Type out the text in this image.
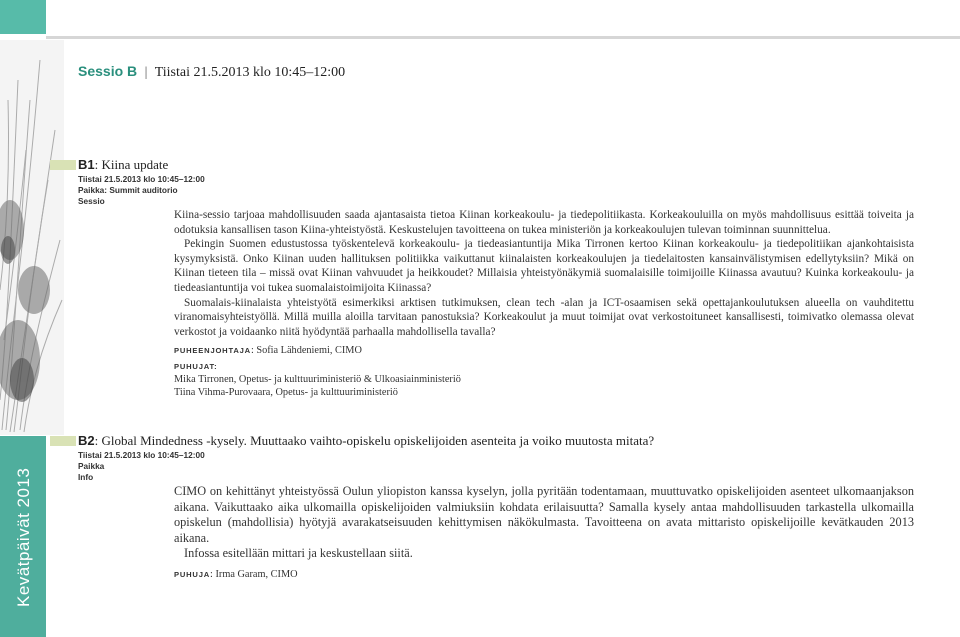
Kevätpäivät 2013
Sessio B | Tiistai 21.5.2013 klo 10:45–12:00
B1: Kiina update
Tiistai 21.5.2013 klo 10:45–12:00
Paikka: Summit auditorio
Sessio

Kiina-sessio tarjoaa mahdollisuuden saada ajantasaista tietoa Kiinan korkeakoulu- ja tiedepolitiikasta. Korkeakouluilla on myös mahdollisuus esittää toiveita ja odotuksia kansallisen tason Kiina-yhteistyöstä. Keskustelujen tavoitteena on tukea ministeriön ja korkeakoulujen tulevan toiminnan suunnittelua.

Pekingin Suomen edustustossa työskentelevä korkeakoulu- ja tiedeasiantuntija Mika Tirronen kertoo Kiinan korkeakoulu- ja tiedepolitiikan ajankohtaisista kysymyksistä. Onko Kiinan uuden hallituksen politiikka vaikuttanut kiinalaisten korkeakoulujen ja tiedelaitosten kansainvälistymisen edellytyksiin? Mikä on Kiinan tieteen tila – missä ovat Kiinan vahvuudet ja heikkoudet? Millaisia yhteistyönäkymiä suomalaisille toimijoille Kiinassa avautuu? Kuinka korkeakoulu- ja tiedeasiantuntija voi tukea suomalaistoimijoita Kiinassa?

Suomalais-kiinalaista yhteistyötä esimerkiksi arktisen tutkimuksen, clean tech -alan ja ICT-osaamisen sekä opettajankoulutuksen alueella on vauhditettu viranomaisyhteistyöllä. Millä muilla aloilla tarvitaan panostuksia? Korkeakoulut ja muut toimijat ovat verkostoituneet kansallisesti, toimivatko olemassa olevat verkostot ja voidaanko niitä hyödyntää parhaalla mahdollisella tavalla?

PUHEENJOHTAJA: Sofia Lähdeniemi, CIMO
PUHUJAT:
Mika Tirronen, Opetus- ja kulttuuriministeriö & Ulkoasiainministeriö
Tiina Vihma-Purovaara, Opetus- ja kulttuuriministeriö
B2: Global Mindedness -kysely. Muuttaako vaihto-opiskelu opiskelijoiden asenteita ja voiko muutosta mitata?
Tiistai 21.5.2013 klo 10:45–12:00
Paikka
Info

CIMO on kehittänyt yhteistyössä Oulun yliopiston kanssa kyselyn, jolla pyritään todentamaan, muuttuvatko opiskelijoiden asenteet ulkomaanjakson aikana. Vaikuttaako aika ulkomailla opiskelijoiden valmiuksiin kohdata erilaisuutta? Samalla kysely antaa mahdollisuuden tarkastella ulkomailla opiskelun (mahdollisia) hyötyjä avarakatseisuuden kehittymisen näkökulmasta. Tavoitteena on avata mittaristo opiskelijoille kevätkauden 2013 aikana.

Infossa esitellään mittari ja keskustellaan siitä.

PUHUJA: Irma Garam, CIMO
